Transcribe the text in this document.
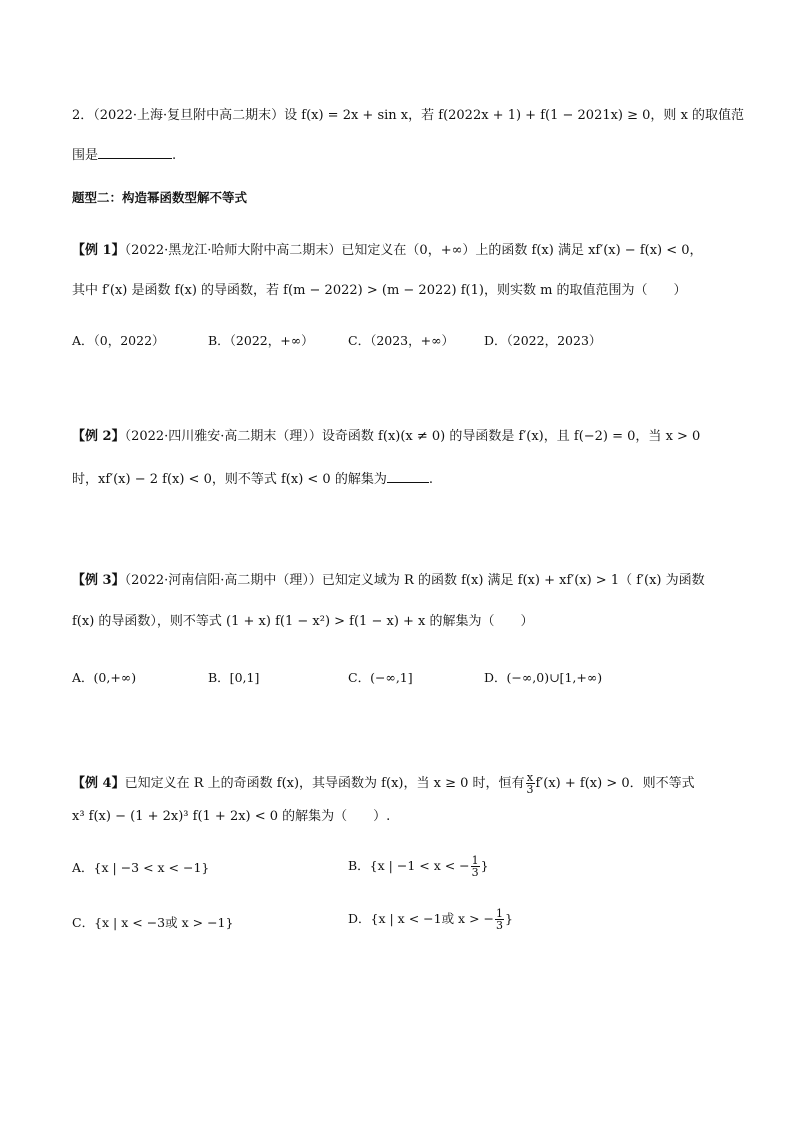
2．（2022·上海·复旦附中高二期末）设 f(x) = 2x + sin x，若 f(2022x + 1) + f(1 − 2021x) ≥ 0，则 x 的取值范
围是	.
题型二：构造幂函数型解不等式
【例 1】（2022·黑龙江·哈师大附中高二期末）已知定义在（0，+∞）上的函数 f(x) 满足 xf′(x) − f(x) < 0，
其中 f′(x) 是函数 f(x) 的导函数，若 f(m − 2022) > (m − 2022) f(1)，则实数 m 的取值范围为（　　）
A．（0，2022）	B．（2022，+∞）	C．（2023，+∞） D．（2022，2023）
【例 2】（2022·四川雅安·高二期末（理））设奇函数 f(x)(x ≠ 0) 的导函数是 f′(x)，且 f(−2) = 0，当 x > 0
时，xf′(x) − 2 f(x) < 0，则不等式 f(x) < 0 的解集为	.
【例 3】（2022·河南信阳·高二期中（理））已知定义域为 R 的函数 f(x) 满足 f(x) + xf′(x) > 1（ f′(x) 为函数
f(x) 的导函数），则不等式 (1 + x) f(1 − x²) > f(1 − x) + x 的解集为（　　）
A．(0,+∞)	B．[0,1]	C．(−∞,1]	D．(−∞,0)∪[1,+∞)
【例 4】已知定义在 R 上的奇函数 f(x)，其导函数为 f(x)，当 x ≥ 0 时，恒有 $\frac{x}{3} f'(x) + f(x) > 0$．则不等式
x³ f(x) − (1 + 2x)³ f(1 + 2x) < 0 的解集为（　　）.
A．{x | −3 < x < −1}	B．{x | −1 < x < − $\frac{1}{3}$ }
C．{x | x < −3或 x > −1}	D．{x | x < −1或 x > − $\frac{1}{3}$ }
